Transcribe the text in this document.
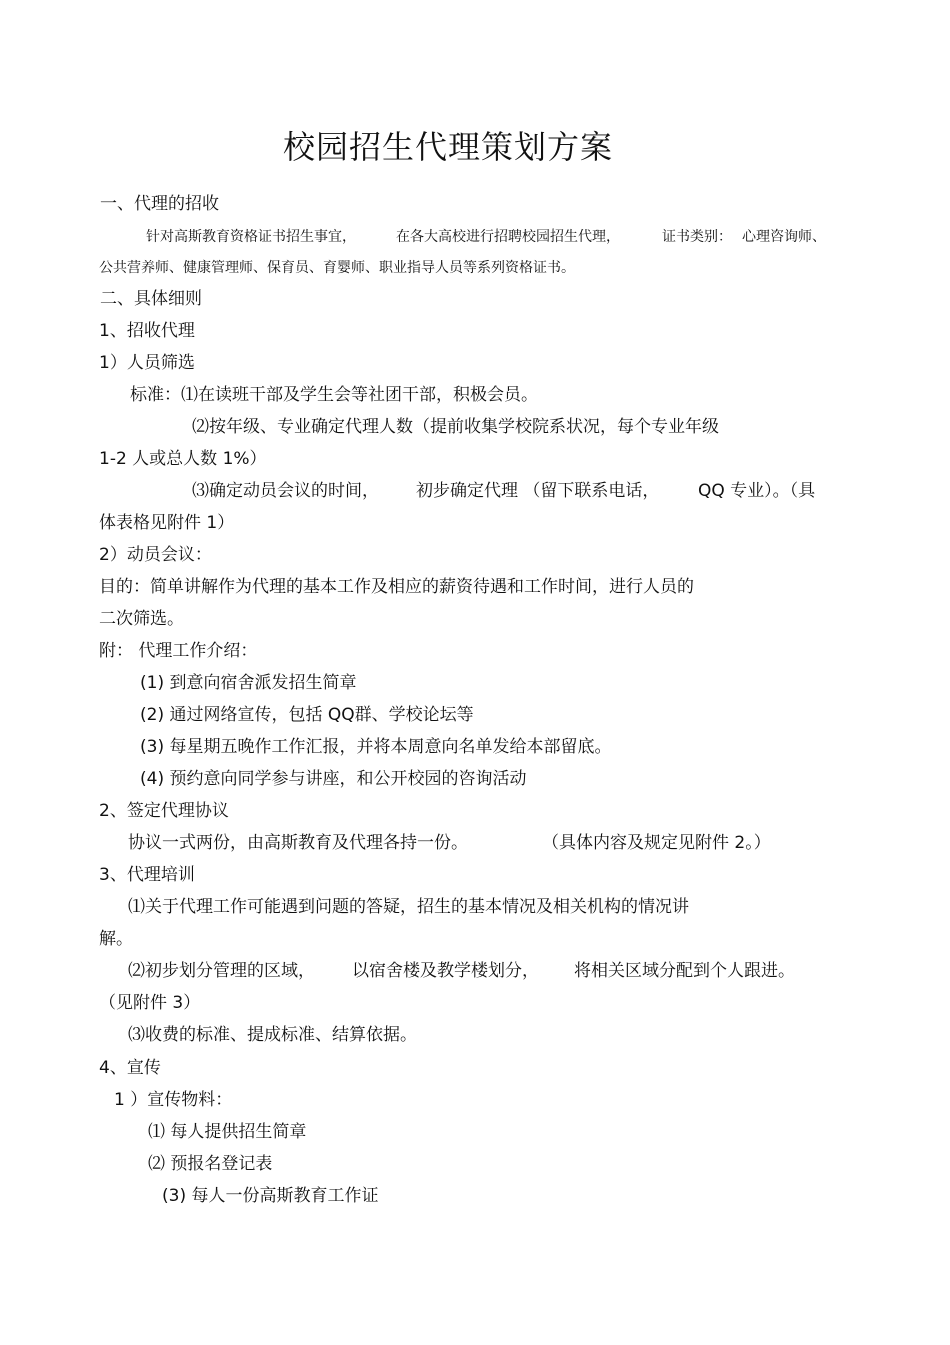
校园招生代理策划方案
一、代理的招收
针对高斯教育资格证书招生事宜，	在各大高校进行招聘校园招生代理，	证书类别： 心理咨询师、
公共营养师、健康管理师、保育员、育婴师、职业指导人员等系列资格证书。
二、具体细则
1、招收代理
1）人员筛选
标准：⑴在读班干部及学生会等社团干部，积极会员。
⑵按年级、专业确定代理人数（提前收集学校院系状况，每个专业年级
1-2 人或总人数 1%）
⑶确定动员会议的时间， 初步确定代理 （留下联系电话， QQ 专业）。（具
体表格见附件 1）
2）动员会议：
目的：简单讲解作为代理的基本工作及相应的薪资待遇和工作时间，进行人员的
二次筛选。
附： 代理工作介绍：
(1) 到意向宿舍派发招生简章
(2) 通过网络宣传，包括 QQ群、学校论坛等
(3) 每星期五晚作工作汇报，并将本周意向名单发给本部留底。
(4) 预约意向同学参与讲座，和公开校园的咨询活动
2、签定代理协议
协议一式两份，由高斯教育及代理各持一份。	（具体内容及规定见附件 2。）
3、代理培训
⑴关于代理工作可能遇到问题的答疑，招生的基本情况及相关机构的情况讲
解。
⑵初步划分管理的区域， 以宿舍楼及教学楼划分， 将相关区域分配到个人跟进。
（见附件 3）
⑶收费的标准、提成标准、结算依据。
4、宣传
1 ）宣传物料：
⑴ 每人提供招生简章
⑵ 预报名登记表
(3) 每人一份高斯教育工作证
